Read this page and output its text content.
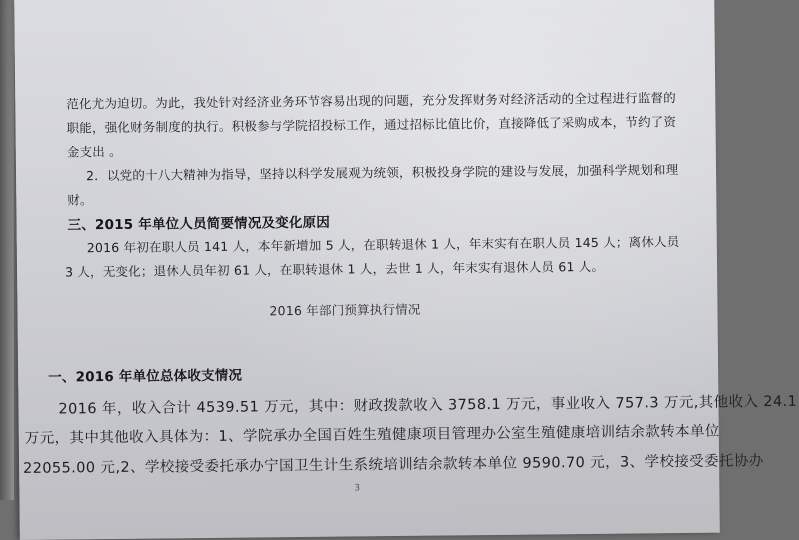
范化尤为迫切。为此，我处针对经济业务环节容易出现的问题，充分发挥财务对经济活动的全过程进行监督的
职能，强化财务制度的执行。积极参与学院招投标工作，通过招标比值比价，直接降低了采购成本，节约了资
金支出 。
2．以党的十八大精神为指导，坚持以科学发展观为统领，积极投身学院的建设与发展，加强科学规划和理
财。
三、2015 年单位人员简要情况及变化原因
2016 年初在职人员 141 人，本年新增加 5 人，在职转退休 1 人，年末实有在职人员 145 人；离休人员
3 人，无变化；退休人员年初 61 人，在职转退休 1 人，去世 1 人，年末实有退休人员 61 人。
2016 年部门预算执行情况
一、2016 年单位总体收支情况
2016 年，收入合计 4539.51 万元，其中：财政拨款收入 3758.1 万元，事业收入 757.3 万元,其他收入 24.1
万元，其中其他收入具体为：1、学院承办全国百姓生殖健康项目管理办公室生殖健康培训结余款转本单位
22055.00 元,2、学校接受委托承办宁国卫生计生系统培训结余款转本单位 9590.70 元，3、学校接受委托协办
3
